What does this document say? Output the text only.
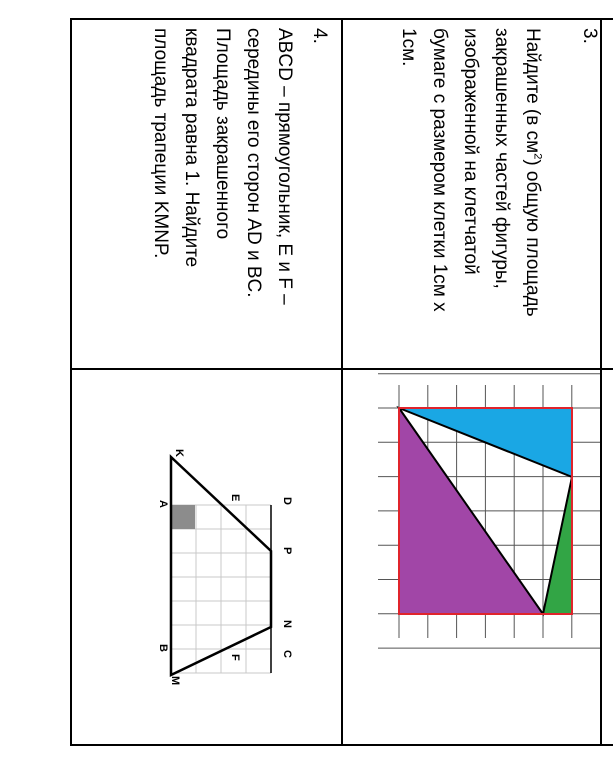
3.
Найдите (в $см^2$) общую площадь
закрашенных частей фигуры,
изображенной на клетчатой
бумаге с размером клетки 1см х
1см.
4.
ABCD – прямоугольник, E и F –
середины его сторон AD и BC.
Площадь закрашенного
квадрата равна 1. Найдите
площадь трапеции KMNP.
K
A
E	D
P
N
C
F
B
M
